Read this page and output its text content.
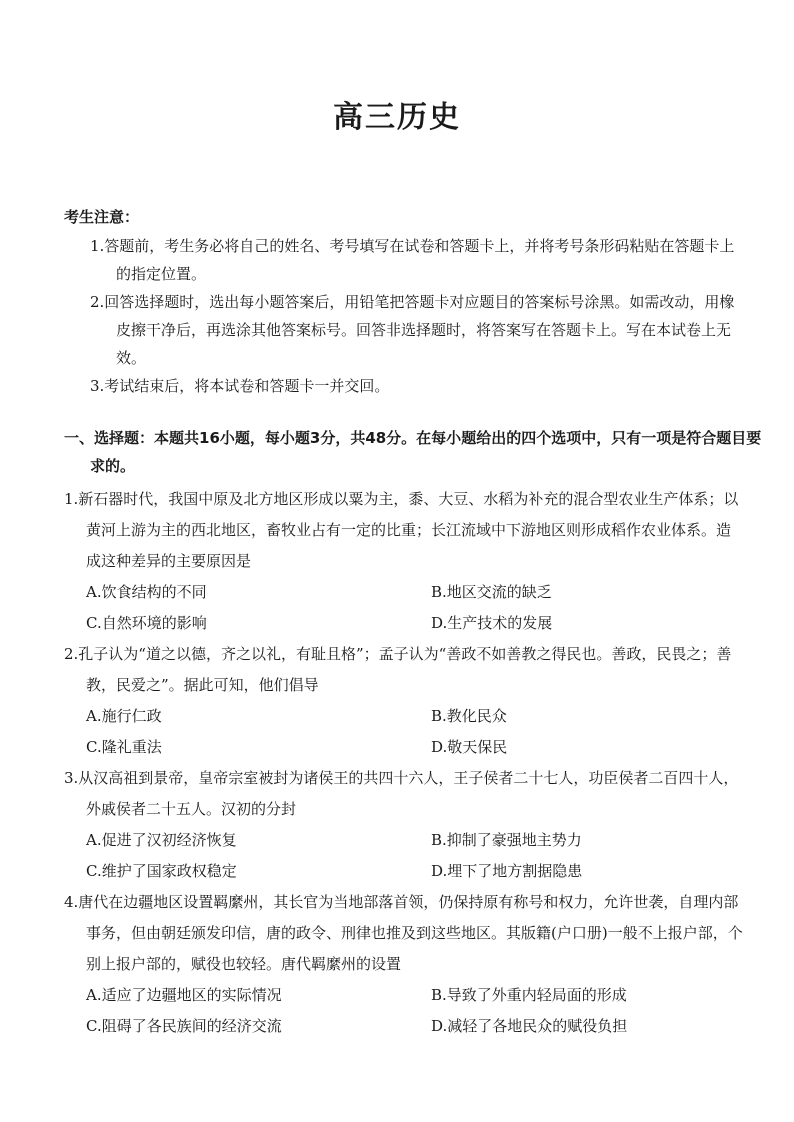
高三历史
考生注意：

1.答题前，考生务必将自己的姓名、考号填写在试卷和答题卡上，并将考号条形码粘贴在答题卡上的指定位置。

2.回答选择题时，选出每小题答案后，用铅笔把答题卡对应题目的答案标号涂黑。如需改动，用橡皮擦干净后，再选涂其他答案标号。回答非选择题时，将答案写在答题卡上。写在本试卷上无效。

3.考试结束后，将本试卷和答题卡一并交回。

一、选择题：本题共16小题，每小题3分，共48分。在每小题给出的四个选项中，只有一项是符合题目要求的。

1.新石器时代，我国中原及北方地区形成以粟为主，黍、大豆、水稻为补充的混合型农业生产体系；以黄河上游为主的西北地区，畜牧业占有一定的比重；长江流域中下游地区则形成稻作农业体系。造成这种差异的主要原因是

A.饮食结构的不同	B.地区交流的缺乏
C.自然环境的影响	D.生产技术的发展

2.孔子认为“道之以德，齐之以礼，有耻且格”；孟子认为“善政不如善教之得民也。善政，民畏之；善教，民爱之”。据此可知，他们倡导

A.施行仁政	B.教化民众
C.隆礼重法	D.敬天保民

3.从汉高祖到景帝，皇帝宗室被封为诸侯王的共四十六人，王子侯者二十七人，功臣侯者二百四十人，外戚侯者二十五人。汉初的分封

A.促进了汉初经济恢复	B.抑制了豪强地主势力
C.维护了国家政权稳定	D.埋下了地方割据隐患

4.唐代在边疆地区设置羁縻州，其长官为当地部落首领，仍保持原有称号和权力，允许世袭，自理内部事务，但由朝廷颁发印信，唐的政令、刑律也推及到这些地区。其版籍(户口册)一般不上报户部，个别上报户部的，赋役也较轻。唐代羁縻州的设置

A.适应了边疆地区的实际情况	B.导致了外重内轻局面的形成
C.阻碍了各民族间的经济交流	D.减轻了各地民众的赋役负担
